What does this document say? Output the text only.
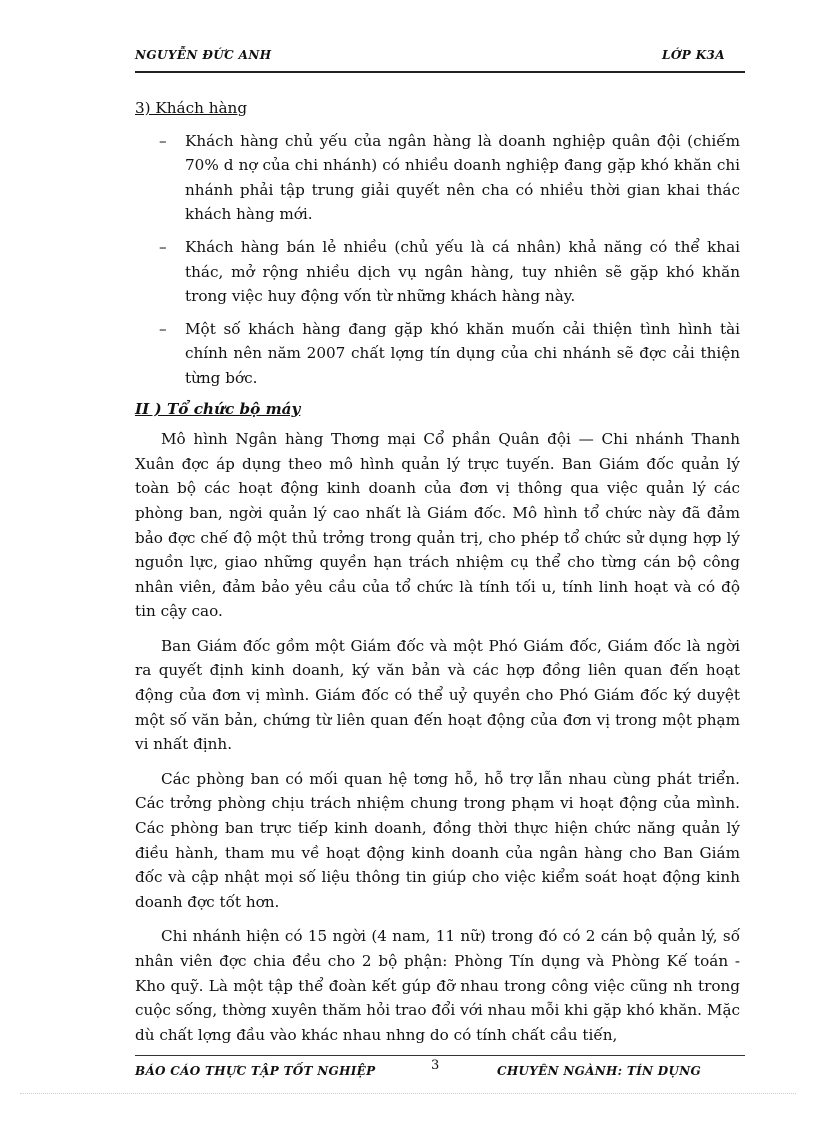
NGUYỄN ĐỨC ANH	LỚP K3A
3) Khách hàng
– Khách hàng chủ yếu của ngân hàng là doanh nghiệp quân đội (chiếm 70% d nợ của chi nhánh) có nhiều doanh nghiệp đang gặp khó khăn chi nhánh phải tập trung giải quyết nên cha có nhiều thời gian khai thác khách hàng mới.
– Khách hàng bán lẻ nhiều (chủ yếu là cá nhân) khả năng có thể khai thác, mở rộng nhiều dịch vụ ngân hàng, tuy nhiên sẽ gặp khó khăn trong việc huy động vốn từ những khách hàng này.
– Một số khách hàng đang gặp khó khăn muốn cải thiện tình hình tài chính nên năm 2007 chất lợng tín dụng của chi nhánh sẽ đợc cải thiện từng bớc.
II ) Tổ chức bộ máy

Mô hình Ngân hàng Thơng mại Cổ phần Quân đội — Chi nhánh Thanh Xuân đợc áp dụng theo mô hình quản lý trực tuyến. Ban Giám đốc quản lý toàn bộ các hoạt động kinh doanh của đơn vị thông qua việc quản lý các phòng ban, ngời quản lý cao nhất là Giám đốc. Mô hình tổ chức này đã đảm bảo đợc chế độ một thủ trởng trong quản trị, cho phép tổ chức sử dụng hợp lý nguồn lực, giao những quyền hạn trách nhiệm cụ thể cho từng cán bộ công nhân viên, đảm bảo yêu cầu của tổ chức là tính tối u, tính linh hoạt và có độ tin cậy cao.

Ban Giám đốc gồm một Giám đốc và một Phó Giám đốc, Giám đốc là ngời ra quyết định kinh doanh, ký văn bản và các hợp đồng liên quan đến hoạt động của đơn vị mình. Giám đốc có thể uỷ quyền cho Phó Giám đốc ký duyệt một số văn bản, chứng từ liên quan đến hoạt động của đơn vị trong một phạm vi nhất định.

Các phòng ban có mối quan hệ tơng hỗ, hỗ trợ lẫn nhau cùng phát triển. Các trởng phòng chịu trách nhiệm chung trong phạm vi hoạt động của mình. Các phòng ban trực tiếp kinh doanh, đồng thời thực hiện chức năng quản lý điều hành, tham mu về hoạt động kinh doanh của ngân hàng cho Ban Giám đốc và cập nhật mọi số liệu thông tin giúp cho việc kiểm soát hoạt động kinh doanh đợc tốt hơn.

Chi nhánh hiện có 15 ngời (4 nam, 11 nữ) trong đó có 2 cán bộ quản lý, số nhân viên đợc chia đều cho 2 bộ phận: Phòng Tín dụng và Phòng Kế toán - Kho quỹ. Là một tập thể đoàn kết gúp đỡ nhau trong công việc cũng nh trong cuộc sống, thờng xuyên thăm hỏi trao đổi với nhau mỗi khi gặp khó khăn. Mặc dù chất lợng đầu vào khác nhau nhng do có tính chất cầu tiến,

BÁO CÁO THỰC TẬP TỐT NGHIỆP	3	CHUYÊN NGÀNH: TÍN DỤNG
